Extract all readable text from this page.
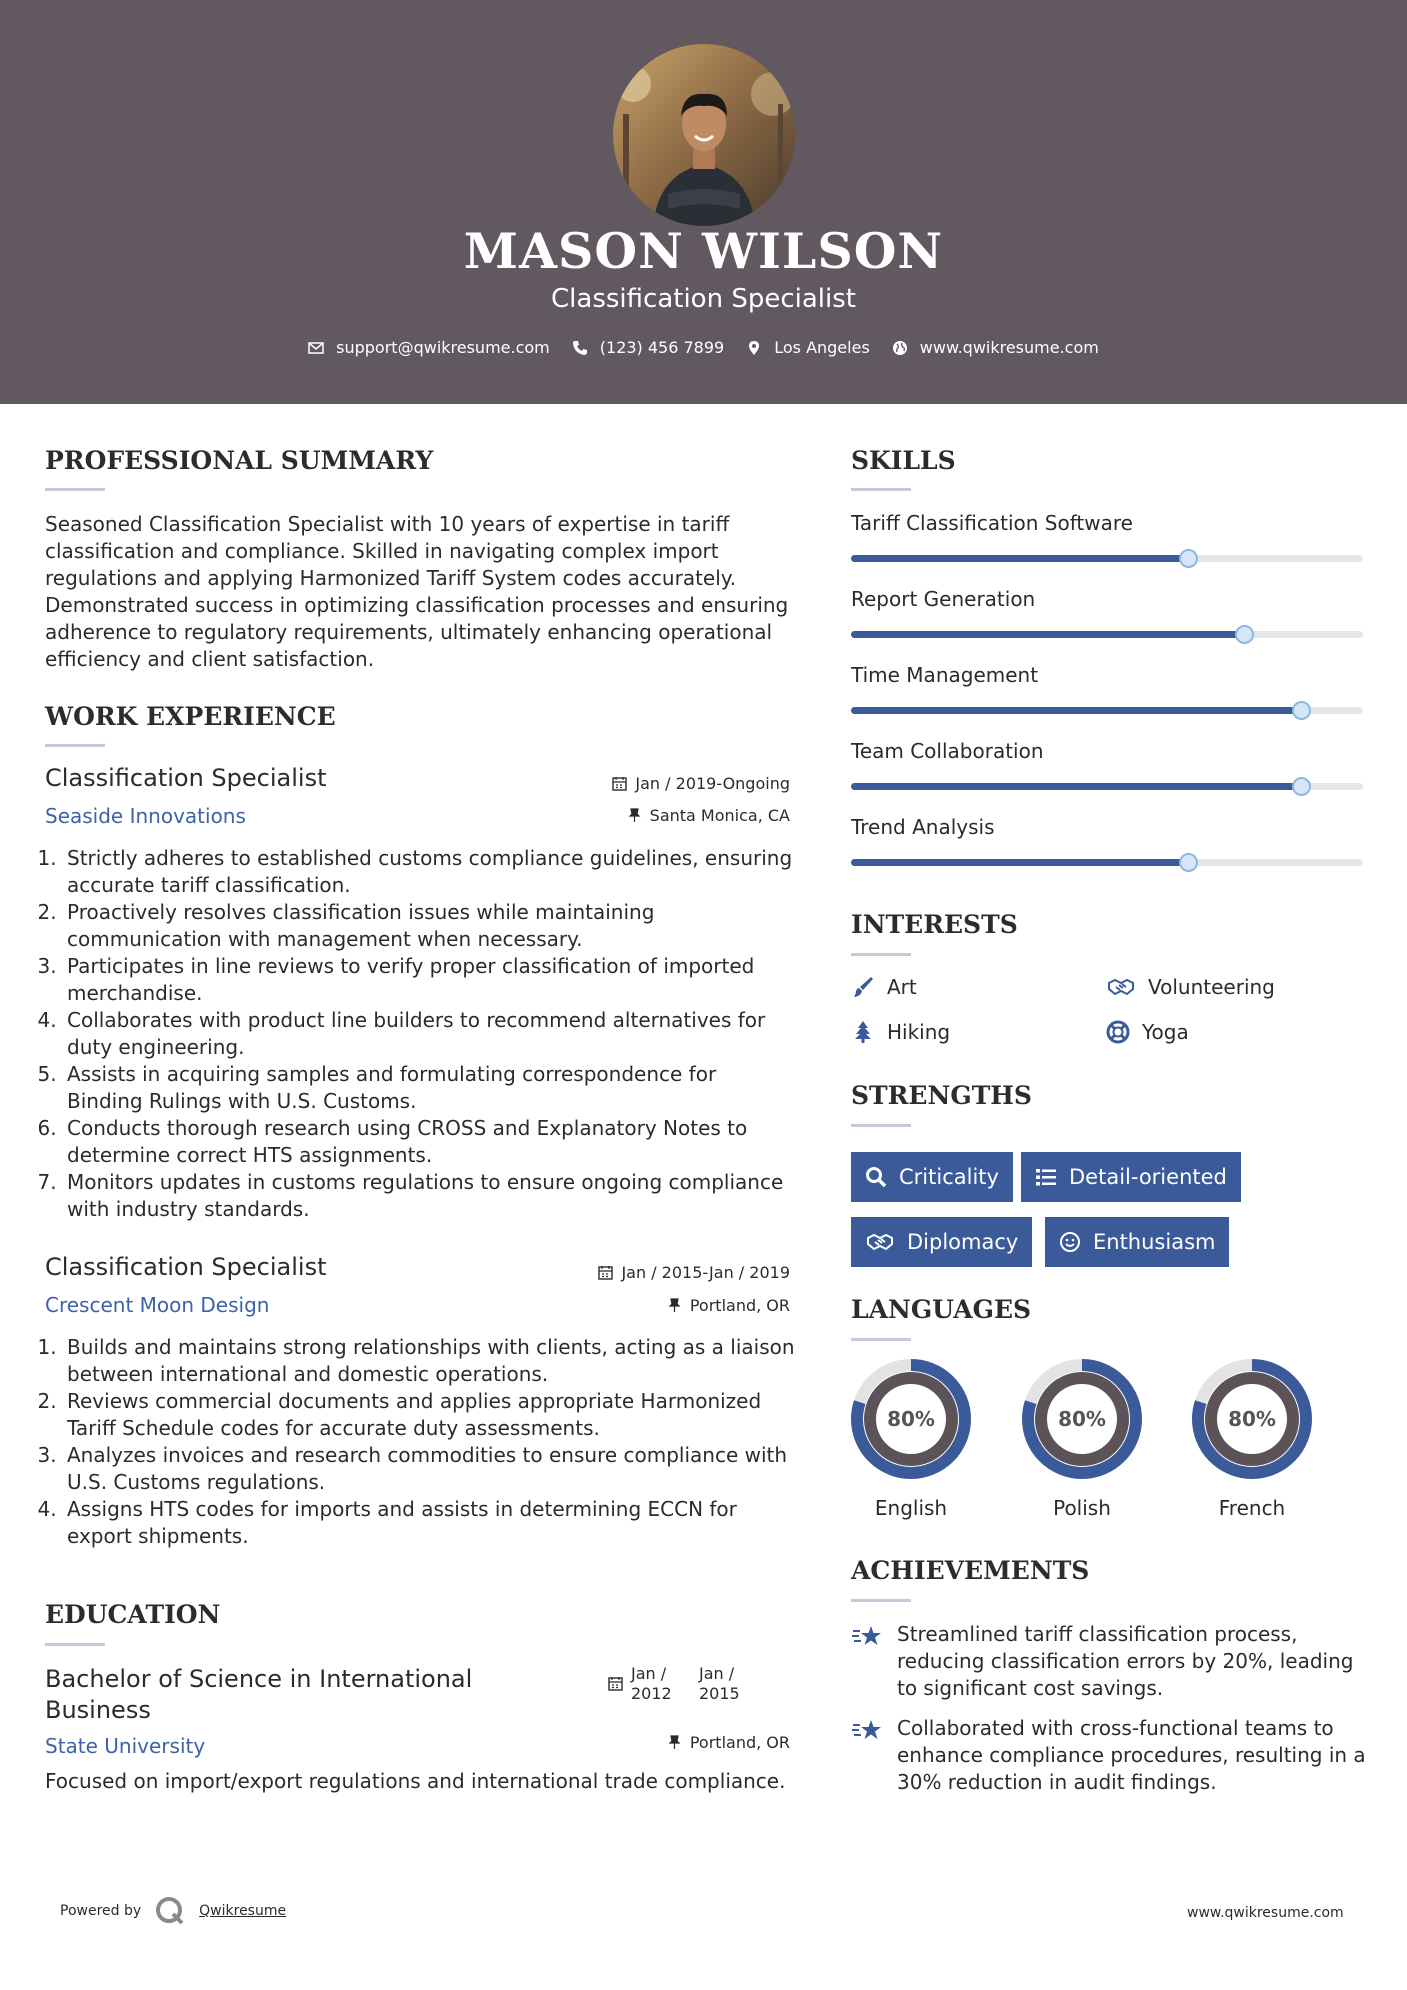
MASON WILSON
Classification Specialist
support@qwikresume.com	(123) 456 7899	Los Angeles	www.qwikresume.com
PROFESSIONAL SUMMARY
Seasoned Classification Specialist with 10 years of expertise in tariff classification and compliance. Skilled in navigating complex import regulations and applying Harmonized Tariff System codes accurately. Demonstrated success in optimizing classification processes and ensuring adherence to regulatory requirements, ultimately enhancing operational efficiency and client satisfaction.
WORK EXPERIENCE
Classification Specialist	Jan / 2019-Ongoing
Seaside Innovations	Santa Monica, CA
1. Strictly adheres to established customs compliance guidelines, ensuring accurate tariff classification.
2. Proactively resolves classification issues while maintaining communication with management when necessary.
3. Participates in line reviews to verify proper classification of imported merchandise.
4. Collaborates with product line builders to recommend alternatives for duty engineering.
5. Assists in acquiring samples and formulating correspondence for Binding Rulings with U.S. Customs.
6. Conducts thorough research using CROSS and Explanatory Notes to determine correct HTS assignments.
7. Monitors updates in customs regulations to ensure ongoing compliance with industry standards.
Classification Specialist	Jan / 2015-Jan / 2019
Crescent Moon Design	Portland, OR
1. Builds and maintains strong relationships with clients, acting as a liaison between international and domestic operations.
2. Reviews commercial documents and applies appropriate Harmonized Tariff Schedule codes for accurate duty assessments.
3. Analyzes invoices and research commodities to ensure compliance with U.S. Customs regulations.
4. Assigns HTS codes for imports and assists in determining ECCN for export shipments.
EDUCATION
Bachelor of Science in International Business
Jan / 2012
Jan / 2015
State University	Portland, OR
Focused on import/export regulations and international trade compliance.
SKILLS
Tariff Classification Software
Report Generation
Time Management
Team Collaboration
Trend Analysis
INTERESTS
Art	Volunteering
Hiking	Yoga
STRENGTHS
Criticality	Detail-oriented
Diplomacy	Enthusiasm
LANGUAGES
80%
English
80%
Polish
80%
French
ACHIEVEMENTS
Streamlined tariff classification process, reducing classification errors by 20%, leading to significant cost savings.
Collaborated with cross-functional teams to enhance compliance procedures, resulting in a 30% reduction in audit findings.
Powered by	Qwikresume	www.qwikresume.com
